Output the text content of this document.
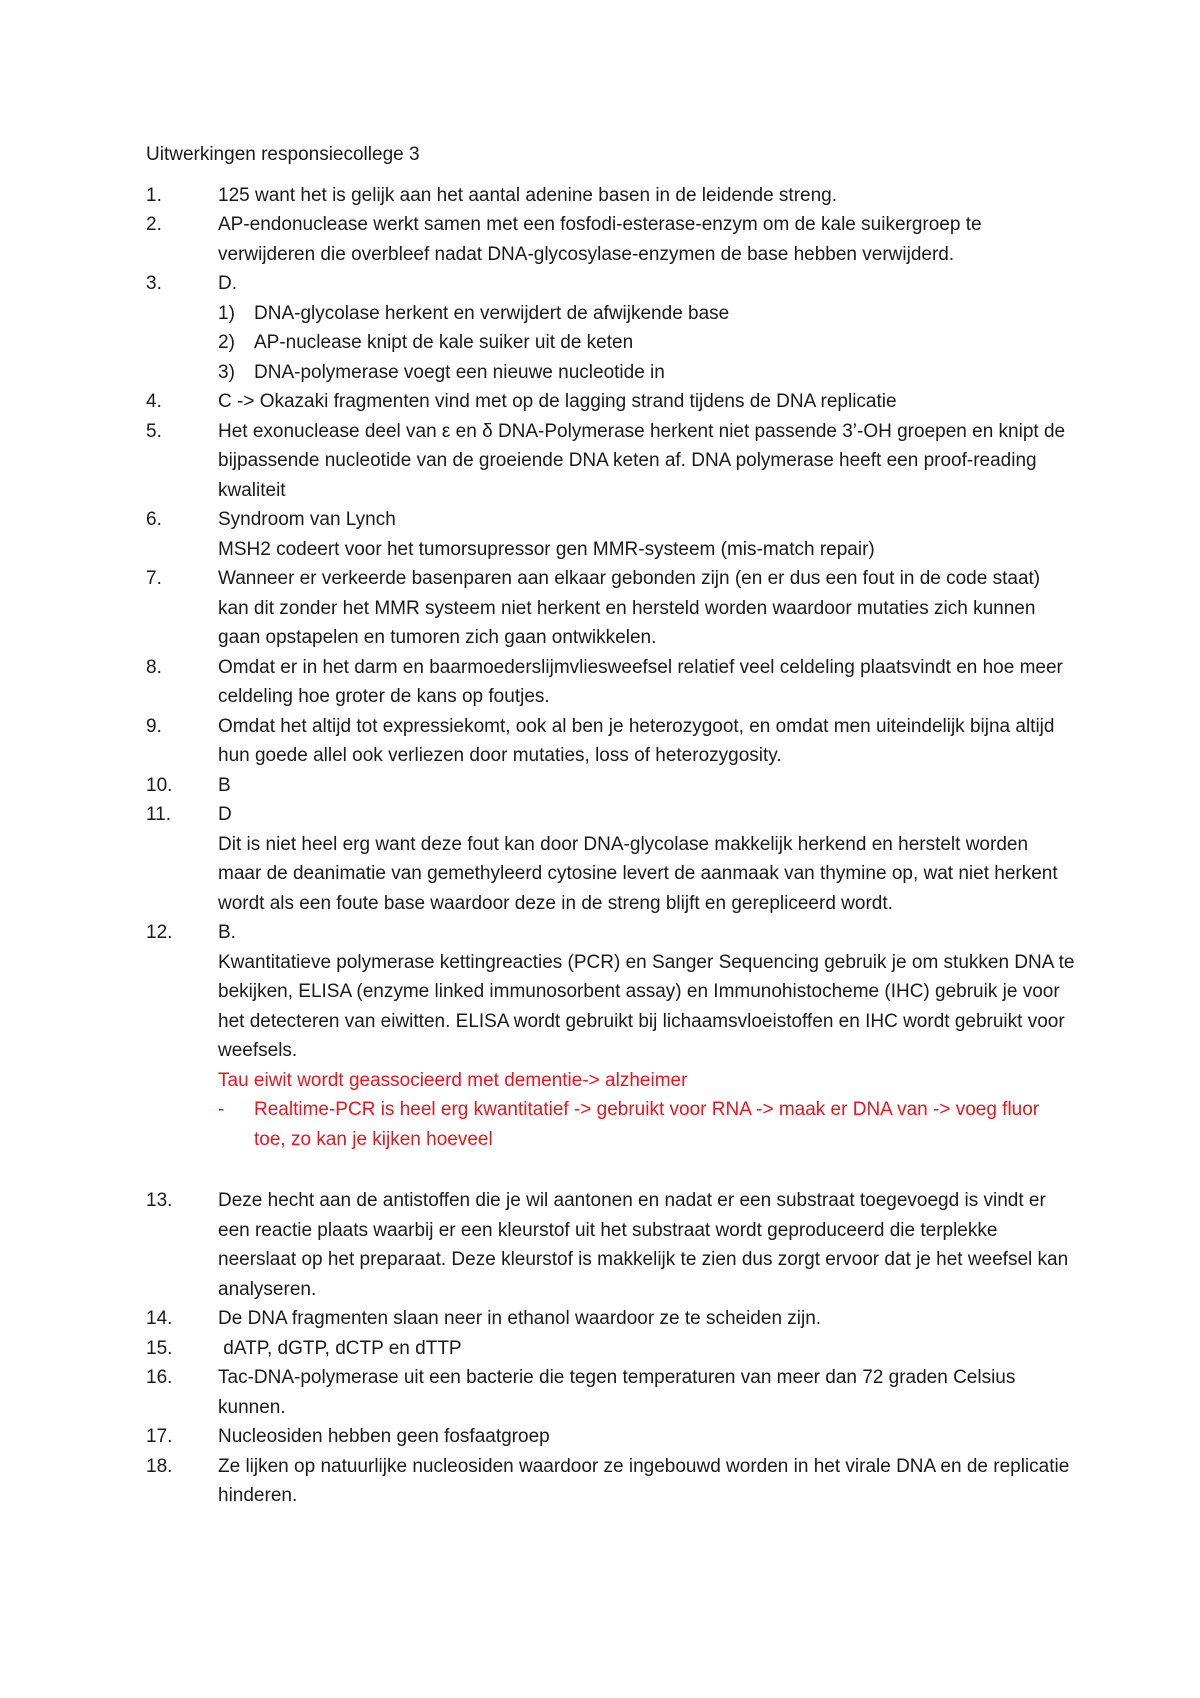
Uitwerkingen responsiecollege 3
1.	125 want het is gelijk aan het aantal adenine basen in de leidende streng.
2.	AP-endonuclease werkt samen met een fosfodi-esterase-enzym om de kale suikergroep te verwijderen die overbleef nadat DNA-glycosylase-enzymen de base hebben verwijderd.
3.	D.
1)	DNA-glycolase herkent en verwijdert de afwijkende base
2)	AP-nuclease knipt de kale suiker uit de keten
3)	DNA-polymerase voegt een nieuwe nucleotide in
4.	C -> Okazaki fragmenten vind met op de lagging strand tijdens de DNA replicatie
5.	Het exonuclease deel van ε en δ DNA-Polymerase herkent niet passende 3’-OH groepen en knipt de bijpassende nucleotide van de groeiende DNA keten af. DNA polymerase heeft een proof-reading kwaliteit
6.	Syndroom van Lynch
MSH2 codeert voor het tumorsupressor gen MMR-systeem (mis-match repair)
7.	Wanneer er verkeerde basenparen aan elkaar gebonden zijn (en er dus een fout in de code staat) kan dit zonder het MMR systeem niet herkent en hersteld worden waardoor mutaties zich kunnen gaan opstapelen en tumoren zich gaan ontwikkelen.
8.	Omdat er in het darm en baarmoederslijmvliesweefsel relatief veel celdeling plaatsvindt en hoe meer celdeling hoe groter de kans op foutjes.
9.	Omdat het altijd tot expressiekomt, ook al ben je heterozygoot, en omdat men uiteindelijk bijna altijd hun goede allel ook verliezen door mutaties, loss of heterozygosity.
10.	B
11.	D
Dit is niet heel erg want deze fout kan door DNA-glycolase makkelijk herkend en herstelt worden maar de deanimatie van gemethyleerd cytosine levert de aanmaak van thymine op, wat niet herkent wordt als een foute base waardoor deze in de streng blijft en gerepliceerd wordt.
12.	B.
Kwantitatieve polymerase kettingreacties (PCR) en Sanger Sequencing gebruik je om stukken DNA te bekijken, ELISA (enzyme linked immunosorbent assay) en Immunohistocheme (IHC) gebruik je voor het detecteren van eiwitten. ELISA wordt gebruikt bij lichaamsvloeistoffen en IHC wordt gebruikt voor weefsels.
Tau eiwit wordt geassocieerd met dementie-> alzheimer
-	Realtime-PCR is heel erg kwantitatief -> gebruikt voor RNA -> maak er DNA van -> voeg fluor toe, zo kan je kijken hoeveel
13.	Deze hecht aan de antistoffen die je wil aantonen en nadat er een substraat toegevoegd is vindt er een reactie plaats waarbij er een kleurstof uit het substraat wordt geproduceerd die terplekke neerslaat op het preparaat. Deze kleurstof is makkelijk te zien dus zorgt ervoor dat je het weefsel kan analyseren.
14.	De DNA fragmenten slaan neer in ethanol waardoor ze te scheiden zijn.
15.	dATP, dGTP, dCTP en dTTP
16.	Tac-DNA-polymerase uit een bacterie die tegen temperaturen van meer dan 72 graden Celsius kunnen.
17.	Nucleosiden hebben geen fosfaatgroep
18.	Ze lijken op natuurlijke nucleosiden waardoor ze ingebouwd worden in het virale DNA en de replicatie hinderen.
